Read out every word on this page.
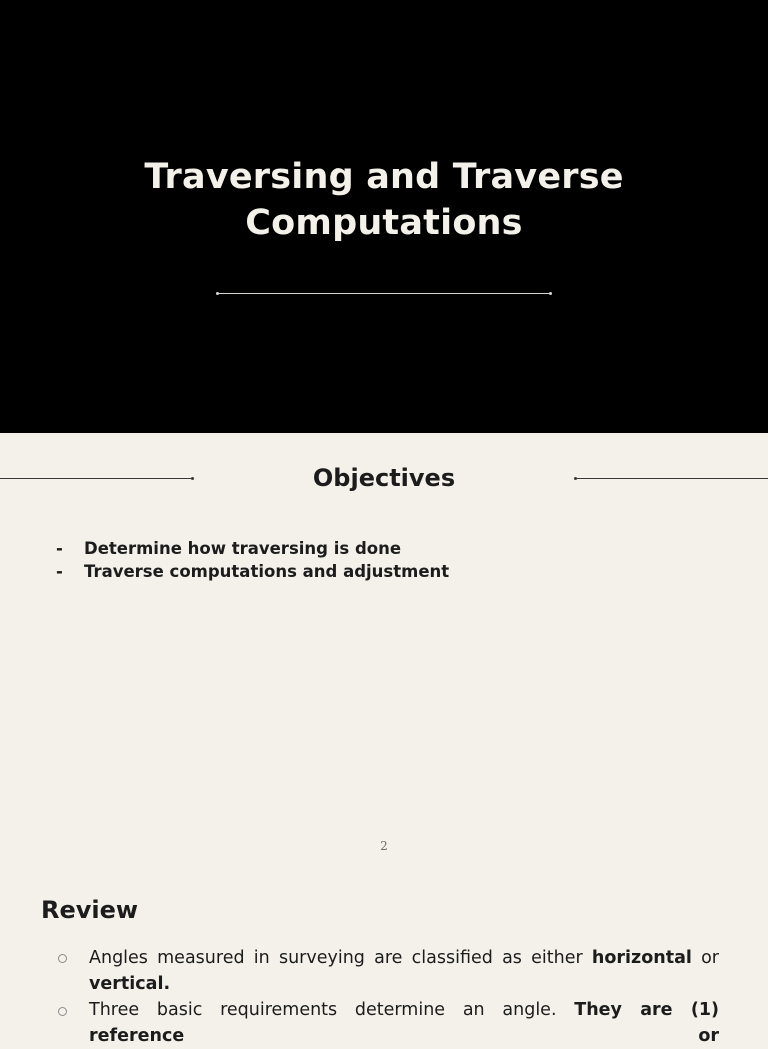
Traversing and Traverse
Computations
Objectives
-	Determine how traversing is done
-	Traverse computations and adjustment
2
Review
Angles measured in surveying are classified as either horizontal or
vertical.
Three basic requirements determine an angle. They are (1) reference or
